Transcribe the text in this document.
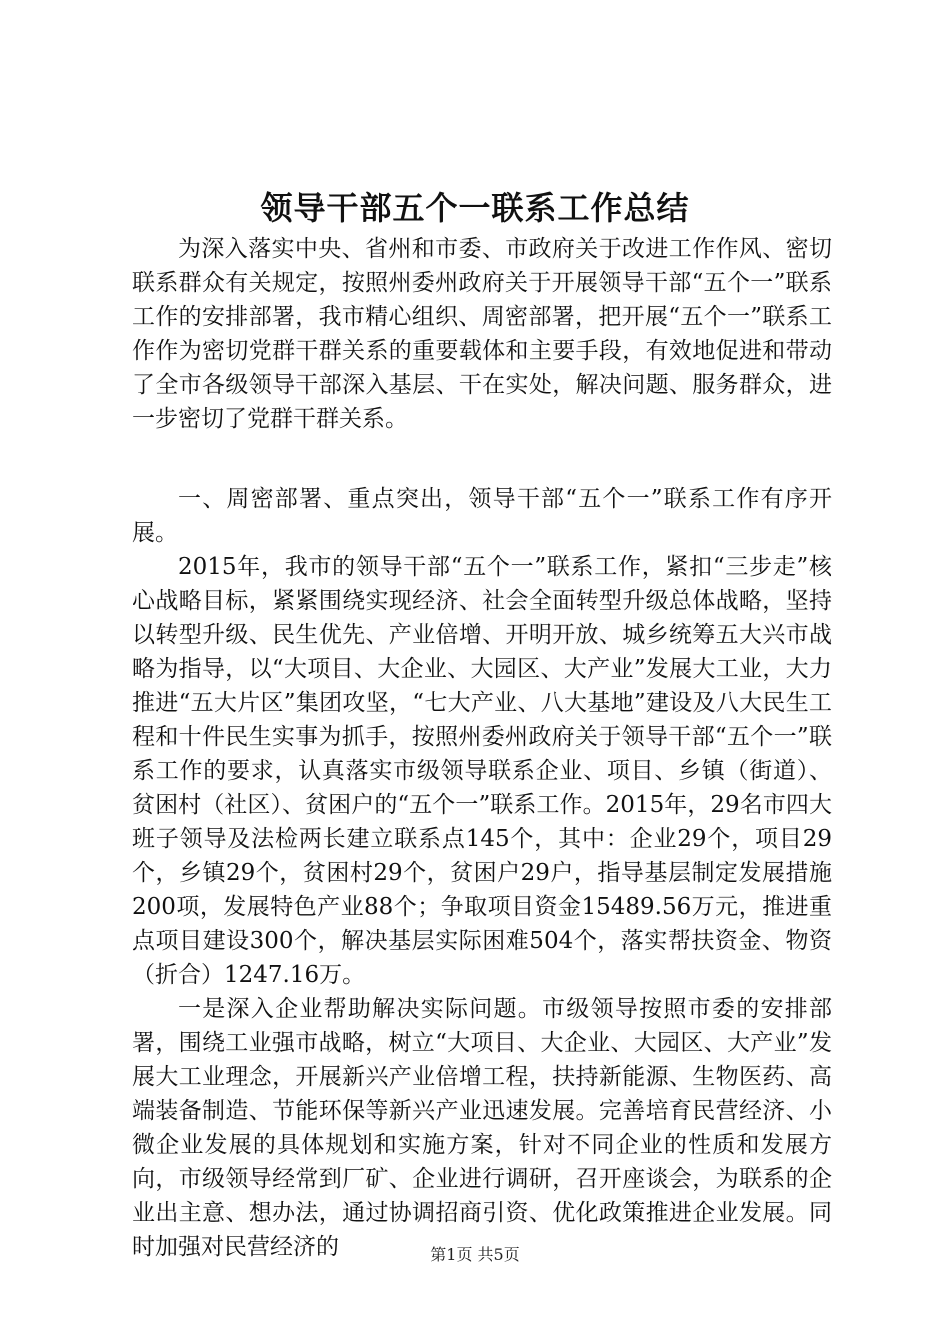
领导干部五个一联系工作总结

为深入落实中央、省州和市委、市政府关于改进工作作风、密切联系群众有关规定，按照州委州政府关于开展领导干部“五个一”联系工作的安排部署，我市精心组织、周密部署，把开展“五个一”联系工作作为密切党群干群关系的重要载体和主要手段，有效地促进和带动了全市各级领导干部深入基层、干在实处，解决问题、服务群众，进一步密切了党群干群关系。

一、周密部署、重点突出，领导干部“五个一”联系工作有序开展。

2015年，我市的领导干部“五个一”联系工作，紧扣“三步走”核心战略目标，紧紧围绕实现经济、社会全面转型升级总体战略，坚持以转型升级、民生优先、产业倍增、开明开放、城乡统筹五大兴市战略为指导，以“大项目、大企业、大园区、大产业”发展大工业，大力推进“五大片区”集团攻坚，“七大产业、八大基地”建设及八大民生工程和十件民生实事为抓手，按照州委州政府关于领导干部“五个一”联系工作的要求，认真落实市级领导联系企业、项目、乡镇（街道）、贫困村（社区）、贫困户的“五个一”联系工作。2015年，29名市四大班子领导及法检两长建立联系点145个，其中：企业29个，项目29个，乡镇29个，贫困村29个，贫困户29户，指导基层制定发展措施200项，发展特色产业88个；争取项目资金15489.56万元，推进重点项目建设300个，解决基层实际困难504个，落实帮扶资金、物资（折合）1247.16万。

一是深入企业帮助解决实际问题。市级领导按照市委的安排部署，围绕工业强市战略，树立“大项目、大企业、大园区、大产业”发展大工业理念，开展新兴产业倍增工程，扶持新能源、生物医药、高端装备制造、节能环保等新兴产业迅速发展。完善培育民营经济、小微企业发展的具体规划和实施方案，针对不同企业的性质和发展方向，市级领导经常到厂矿、企业进行调研，召开座谈会，为联系的企业出主意、想办法，通过协调招商引资、优化政策推进企业发展。同时加强对民营经济的	第1页 共5页
